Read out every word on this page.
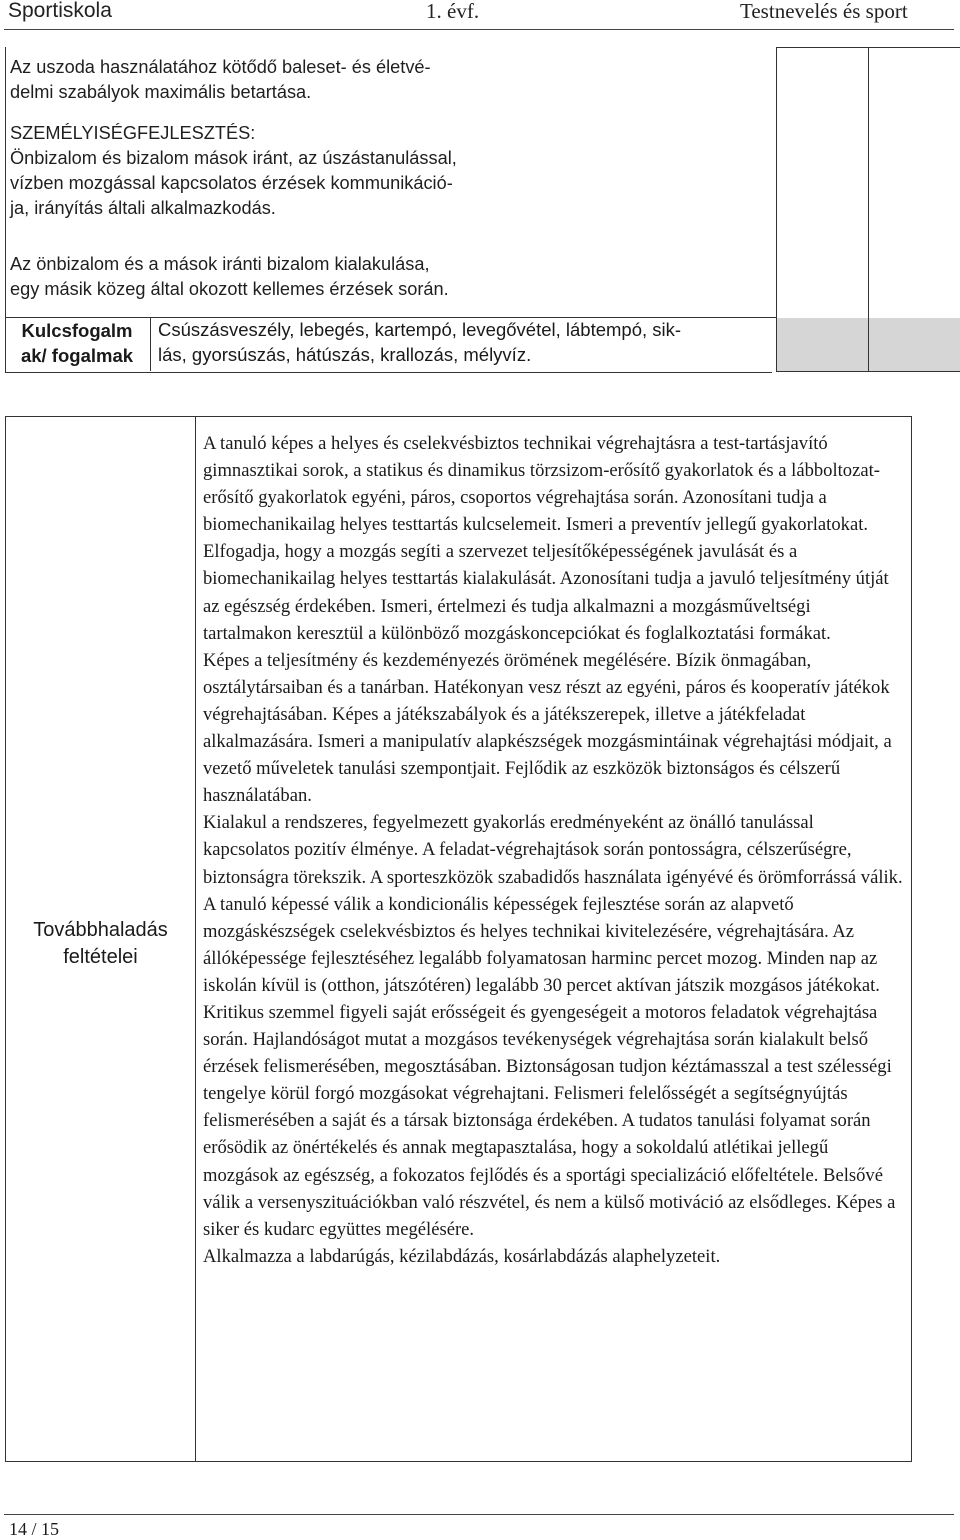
Sportiskola	1. évf.	Testnevelés és sport
Az uszoda használatához kötődő baleset- és életvé-
delmi szabályok maximális betartása.
SZEMÉLYISÉGFEJLESZTÉS:
Önbizalom és bizalom mások iránt, az úszástanulással,
vízben mozgással kapcsolatos érzések kommunikáció-
ja, irányítás általi alkalmazkodás.
Az önbizalom és a mások iránti bizalom kialakulása,
egy másik közeg által okozott kellemes érzések során.
Kulcsfogalm
ak/ fogalmak
Csúszásveszély, lebegés, kartempó, levegővétel, lábtempó, sik-
lás, gyorsúszás, hátúszás, krallozás, mélyvíz.
Továbbhaladás
feltételei

A tanuló képes a helyes és cselekvésbiztos technikai végrehajtásra a test-tartásjavító gimnasztikai sorok, a statikus és dinamikus törzsizom-erősítő gyakorlatok és a lábboltozat-erősítő gyakorlatok egyéni, páros, csoportos végrehajtása során. Azonosítani tudja a biomechanikailag helyes testtartás kulcselemeit. Ismeri a preventív jellegű gyakorlatokat.

Elfogadja, hogy a mozgás segíti a szervezet teljesítőképességének javulását és a biomechanikailag helyes testtartás kialakulását. Azonosítani tudja a javuló teljesítmény útját az egészség érdekében. Ismeri, értelmezi és tudja alkalmazni a mozgásműveltségi tartalmakon keresztül a különböző mozgáskoncepciókat és foglalkoztatási formákat.

Képes a teljesítmény és kezdeményezés örömének megélésére. Bízik önmagában, osztálytársaiban és a tanárban. Hatékonyan vesz részt az egyéni, páros és kooperatív játékok végrehajtásában. Képes a játékszabályok és a játékszerepek, illetve a játékfeladat alkalmazására. Ismeri a manipulatív alapkészségek mozgásmintáinak végrehajtási módjait, a vezető műveletek tanulási szempontjait. Fejlődik az eszközök biztonságos és célszerű használatában.

Kialakul a rendszeres, fegyelmezett gyakorlás eredményeként az önálló tanulással kapcsolatos pozitív élménye. A feladat-végrehajtások során pontosságra, célszerűségre, biztonságra törekszik. A sporteszközök szabadidős használata igényévé és örömforrássá válik. A tanuló képessé válik a kondicionális képességek fejlesztése során az alapvető mozgáskészségek cselekvésbiztos és helyes technikai kivitelezésére, végrehajtására. Az állóképessége fejlesztéséhez legalább folyamatosan harminc percet mozog. Minden nap az iskolán kívül is (otthon, játszótéren) legalább 30 percet aktívan játszik mozgásos játékokat. Kritikus szemmel figyeli saját erősségeit és gyengeségeit a motoros feladatok végrehajtása során. Hajlandóságot mutat a mozgásos tevékenységek végrehajtása során kialakult belső érzések felismerésében, megosztásában. Biztonságosan tudjon kéztámasszal a test szélességi tengelye körül forgó mozgásokat végrehajtani. Felismeri felelősségét a segítségnyújtás felismerésében a saját és a társak biztonsága érdekében. A tudatos tanulási folyamat során erősödik az önértékelés és annak megtapasztalása, hogy a sokoldalú atlétikai jellegű mozgások az egészség, a fokozatos fejlődés és a sportági specializáció előfeltétele. Belsővé válik a versenyszituációkban való részvétel, és nem a külső motiváció az elsődleges. Képes a siker és kudarc együttes megélésére.

Alkalmazza a labdarúgás, kézilabdázás, kosárlabdázás alaphelyzeteit.

14 / 15
